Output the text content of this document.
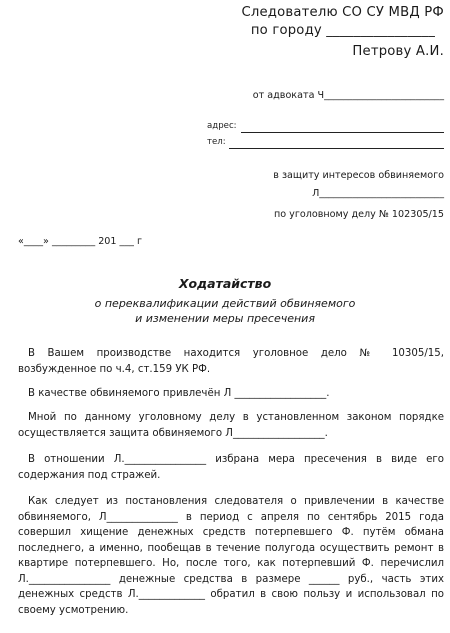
Следователю СО СУ МВД РФ
по городу ________________
Петрову А.И.
от адвоката Ч_________________________
адрес:
тел:
в защиту интересов обвиняемого
Л__________________________
по уголовному делу № 102305/15
«____» _________ 201 ___ г
Ходатайство
о переквалификации действий обвиняемого
и изменении меры пресечения
В Вашем производстве находится уголовное дело № 10305/15, возбужденное по ч.4, ст.159 УК РФ.
В качестве обвиняемого привлечён Л __________________.
Мной по данному уголовному делу в установленном законом порядке осуществляется защита обвиняемого Л__________________.
В отношении Л.________________ избрана мера пресечения в виде его содержания под стражей.
Как следует из постановления следователя о привлечении в качестве обвиняемого, Л______________ в период с апреля по сентябрь 2015 года совершил хищение денежных средств потерпевшего Ф. путём обмана последнего, а именно, пообещав в течение полугода осуществить ремонт в квартире потерпевшего. Но, после того, как потерпевший Ф. перечислил Л.________________ денежные средства в размере ______ руб., часть этих денежных средств Л._____________ обратил в свою пользу и использовал по своему усмотрению.
